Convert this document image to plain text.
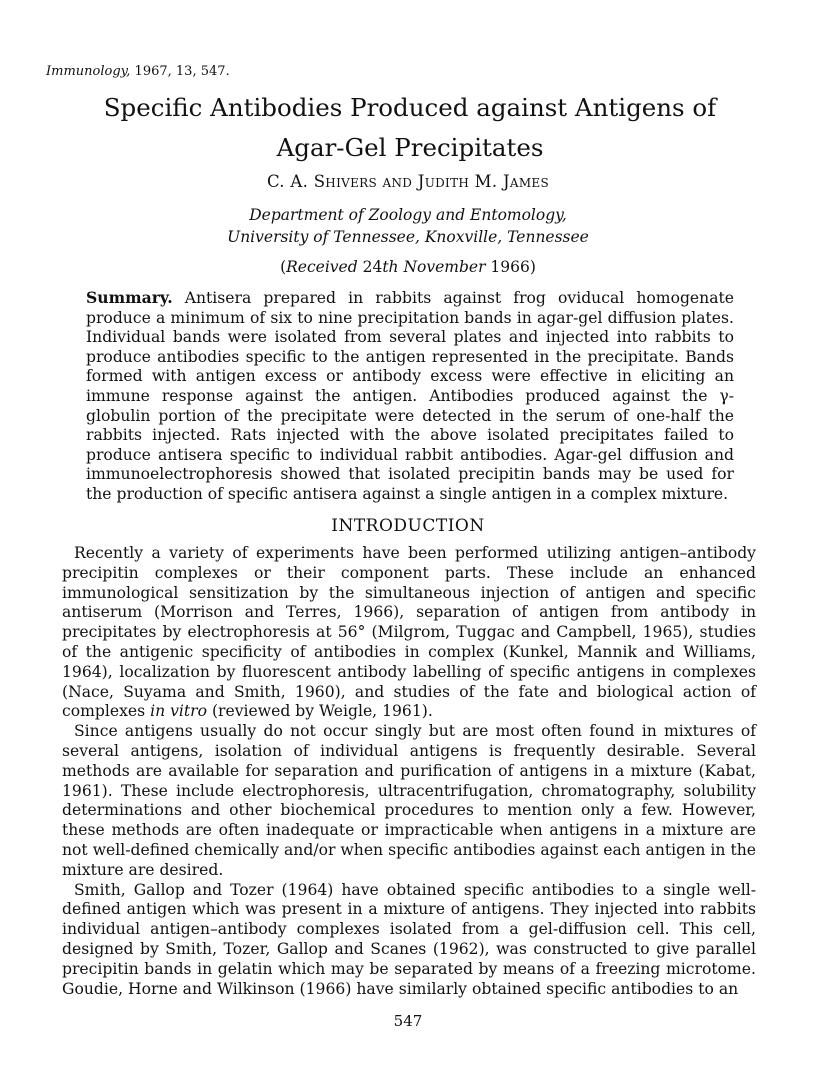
Immunology, 1967, 13, 547.
Specific Antibodies Produced against Antigens of
Agar-Gel Precipitates
C. A. Shivers and Judith M. James
Department of Zoology and Entomology,
University of Tennessee, Knoxville, Tennessee
(Received 24th November 1966)
Summary. Antisera prepared in rabbits against frog oviducal homogenate produce a minimum of six to nine precipitation bands in agar-gel diffusion plates. Individual bands were isolated from several plates and injected into rabbits to produce antibodies specific to the antigen represented in the precipitate. Bands formed with antigen excess or antibody excess were effective in eliciting an immune response against the antigen. Antibodies produced against the γ-globulin portion of the precipitate were detected in the serum of one-half the rabbits injected. Rats injected with the above isolated precipitates failed to produce antisera specific to individual rabbit antibodies. Agar-gel diffusion and immunoelectrophoresis showed that isolated precipitin bands may be used for the production of specific antisera against a single antigen in a complex mixture.
INTRODUCTION

Recently a variety of experiments have been performed utilizing antigen–antibody precipitin complexes or their component parts. These include an enhanced immunological sensitization by the simultaneous injection of antigen and specific antiserum (Morrison and Terres, 1966), separation of antigen from antibody in precipitates by electrophoresis at 56° (Milgrom, Tuggac and Campbell, 1965), studies of the antigenic specificity of antibodies in complex (Kunkel, Mannik and Williams, 1964), localization by fluorescent antibody labelling of specific antigens in complexes (Nace, Suyama and Smith, 1960), and studies of the fate and biological action of complexes in vitro (reviewed by Weigle, 1961).

Since antigens usually do not occur singly but are most often found in mixtures of several antigens, isolation of individual antigens is frequently desirable. Several methods are available for separation and purification of antigens in a mixture (Kabat, 1961). These include electrophoresis, ultracentrifugation, chromatography, solubility determinations and other biochemical procedures to mention only a few. However, these methods are often inadequate or impracticable when antigens in a mixture are not well-defined chemically and/or when specific antibodies against each antigen in the mixture are desired.

Smith, Gallop and Tozer (1964) have obtained specific antibodies to a single well-defined antigen which was present in a mixture of antigens. They injected into rabbits individual antigen–antibody complexes isolated from a gel-diffusion cell. This cell, designed by Smith, Tozer, Gallop and Scanes (1962), was constructed to give parallel precipitin bands in gelatin which may be separated by means of a freezing microtome. Goudie, Horne and Wilkinson (1966) have similarly obtained specific antibodies to an

547
